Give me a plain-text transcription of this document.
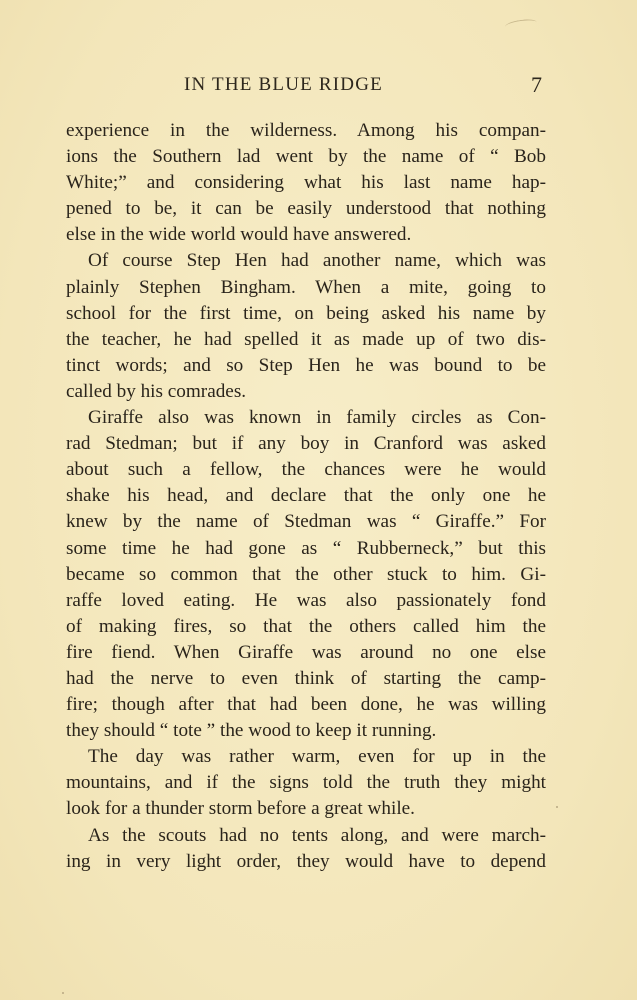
IN THE BLUE RIDGE	7
experience in the wilderness. Among his compan-
ions the Southern lad went by the name of “ Bob
White;” and considering what his last name hap-
pened to be, it can be easily understood that nothing
else in the wide world would have answered.
Of course Step Hen had another name, which was
plainly Stephen Bingham. When a mite, going to
school for the first time, on being asked his name by
the teacher, he had spelled it as made up of two dis-
tinct words; and so Step Hen he was bound to be
called by his comrades.
Giraffe also was known in family circles as Con-
rad Stedman; but if any boy in Cranford was asked
about such a fellow, the chances were he would
shake his head, and declare that the only one he
knew by the name of Stedman was “ Giraffe.” For
some time he had gone as “ Rubberneck,” but this
became so common that the other stuck to him. Gi-
raffe loved eating. He was also passionately fond
of making fires, so that the others called him the
fire fiend. When Giraffe was around no one else
had the nerve to even think of starting the camp-
fire; though after that had been done, he was willing
they should “ tote ” the wood to keep it running.
The day was rather warm, even for up in the
mountains, and if the signs told the truth they might
look for a thunder storm before a great while.
As the scouts had no tents along, and were march-
ing in very light order, they would have to depend
